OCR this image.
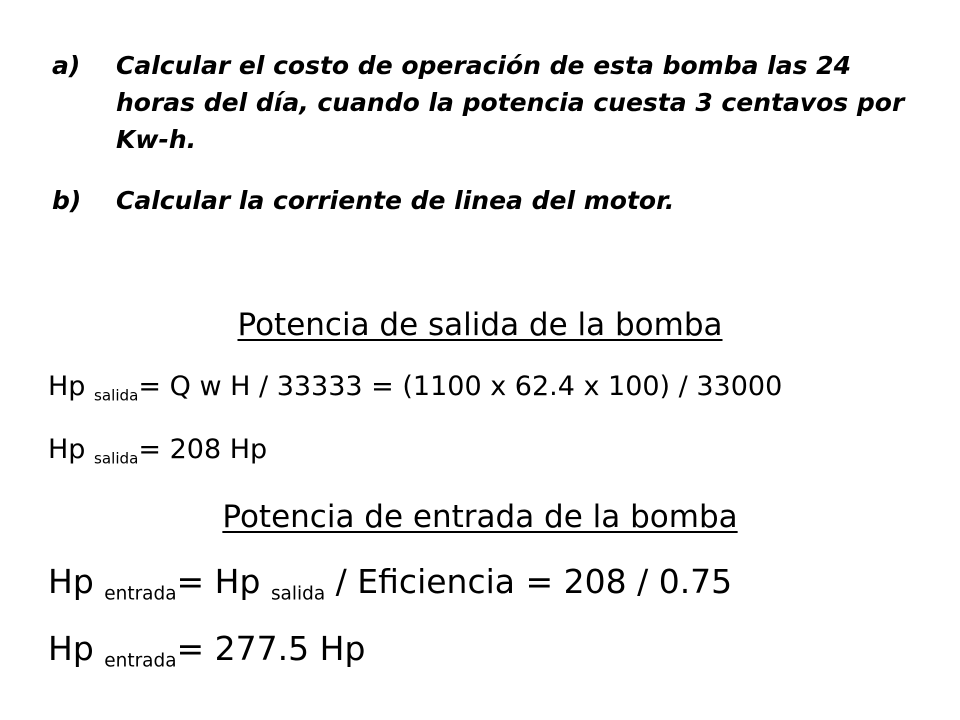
a) Calcular el costo de operación de esta bomba las 24 horas del día, cuando la potencia cuesta 3 centavos por Kw-h.
b) Calcular la corriente de linea del motor.
Potencia de salida de la bomba
Hp $_{salida}$= Q w H / 33333 = (1100 x 62.4 x 100) / 33000
Hp $_{salida}$= 208 Hp
Potencia de entrada de la bomba
Hp $_{entrada}$= Hp $_{salida}$ / Eficiencia = 208 / 0.75
Hp $_{entrada}$= 277.5 Hp
